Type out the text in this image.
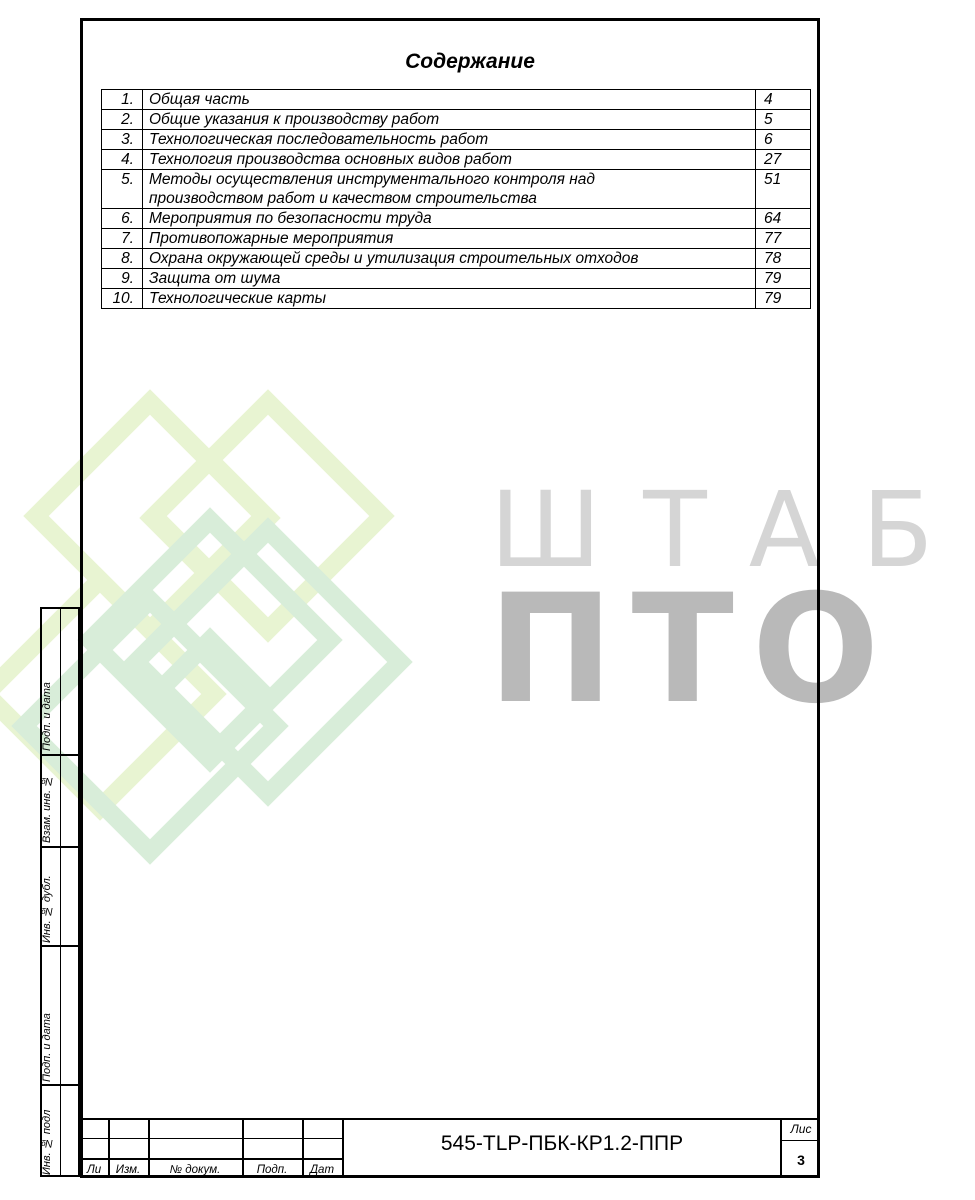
ШТАБ
ПТО
Содержание
1.	Общая часть	4
2.	Общие указания к производству работ	5
3.	Технологическая последовательность работ	6
4.	Технология производства основных видов работ	27
5.	Методы осуществления инструментального контроля над
производством работ и качеством строительства	51
6.	Мероприятия по безопасности труда	64
7.	Противопожарные мероприятия	77
8.	Охрана окружающей среды и утилизация строительных отходов	78
9.	Защита от шума	79
10.	Технологические карты	79
Подп. и дата
Взам. инв. №
Инв. № дубл.
Подп. и дата
Инв. № подл	Ли	Изм.	№ докум.	Подп.	Дат
545-TLP-ПБК-КР1.2-ППР
Лис
3
